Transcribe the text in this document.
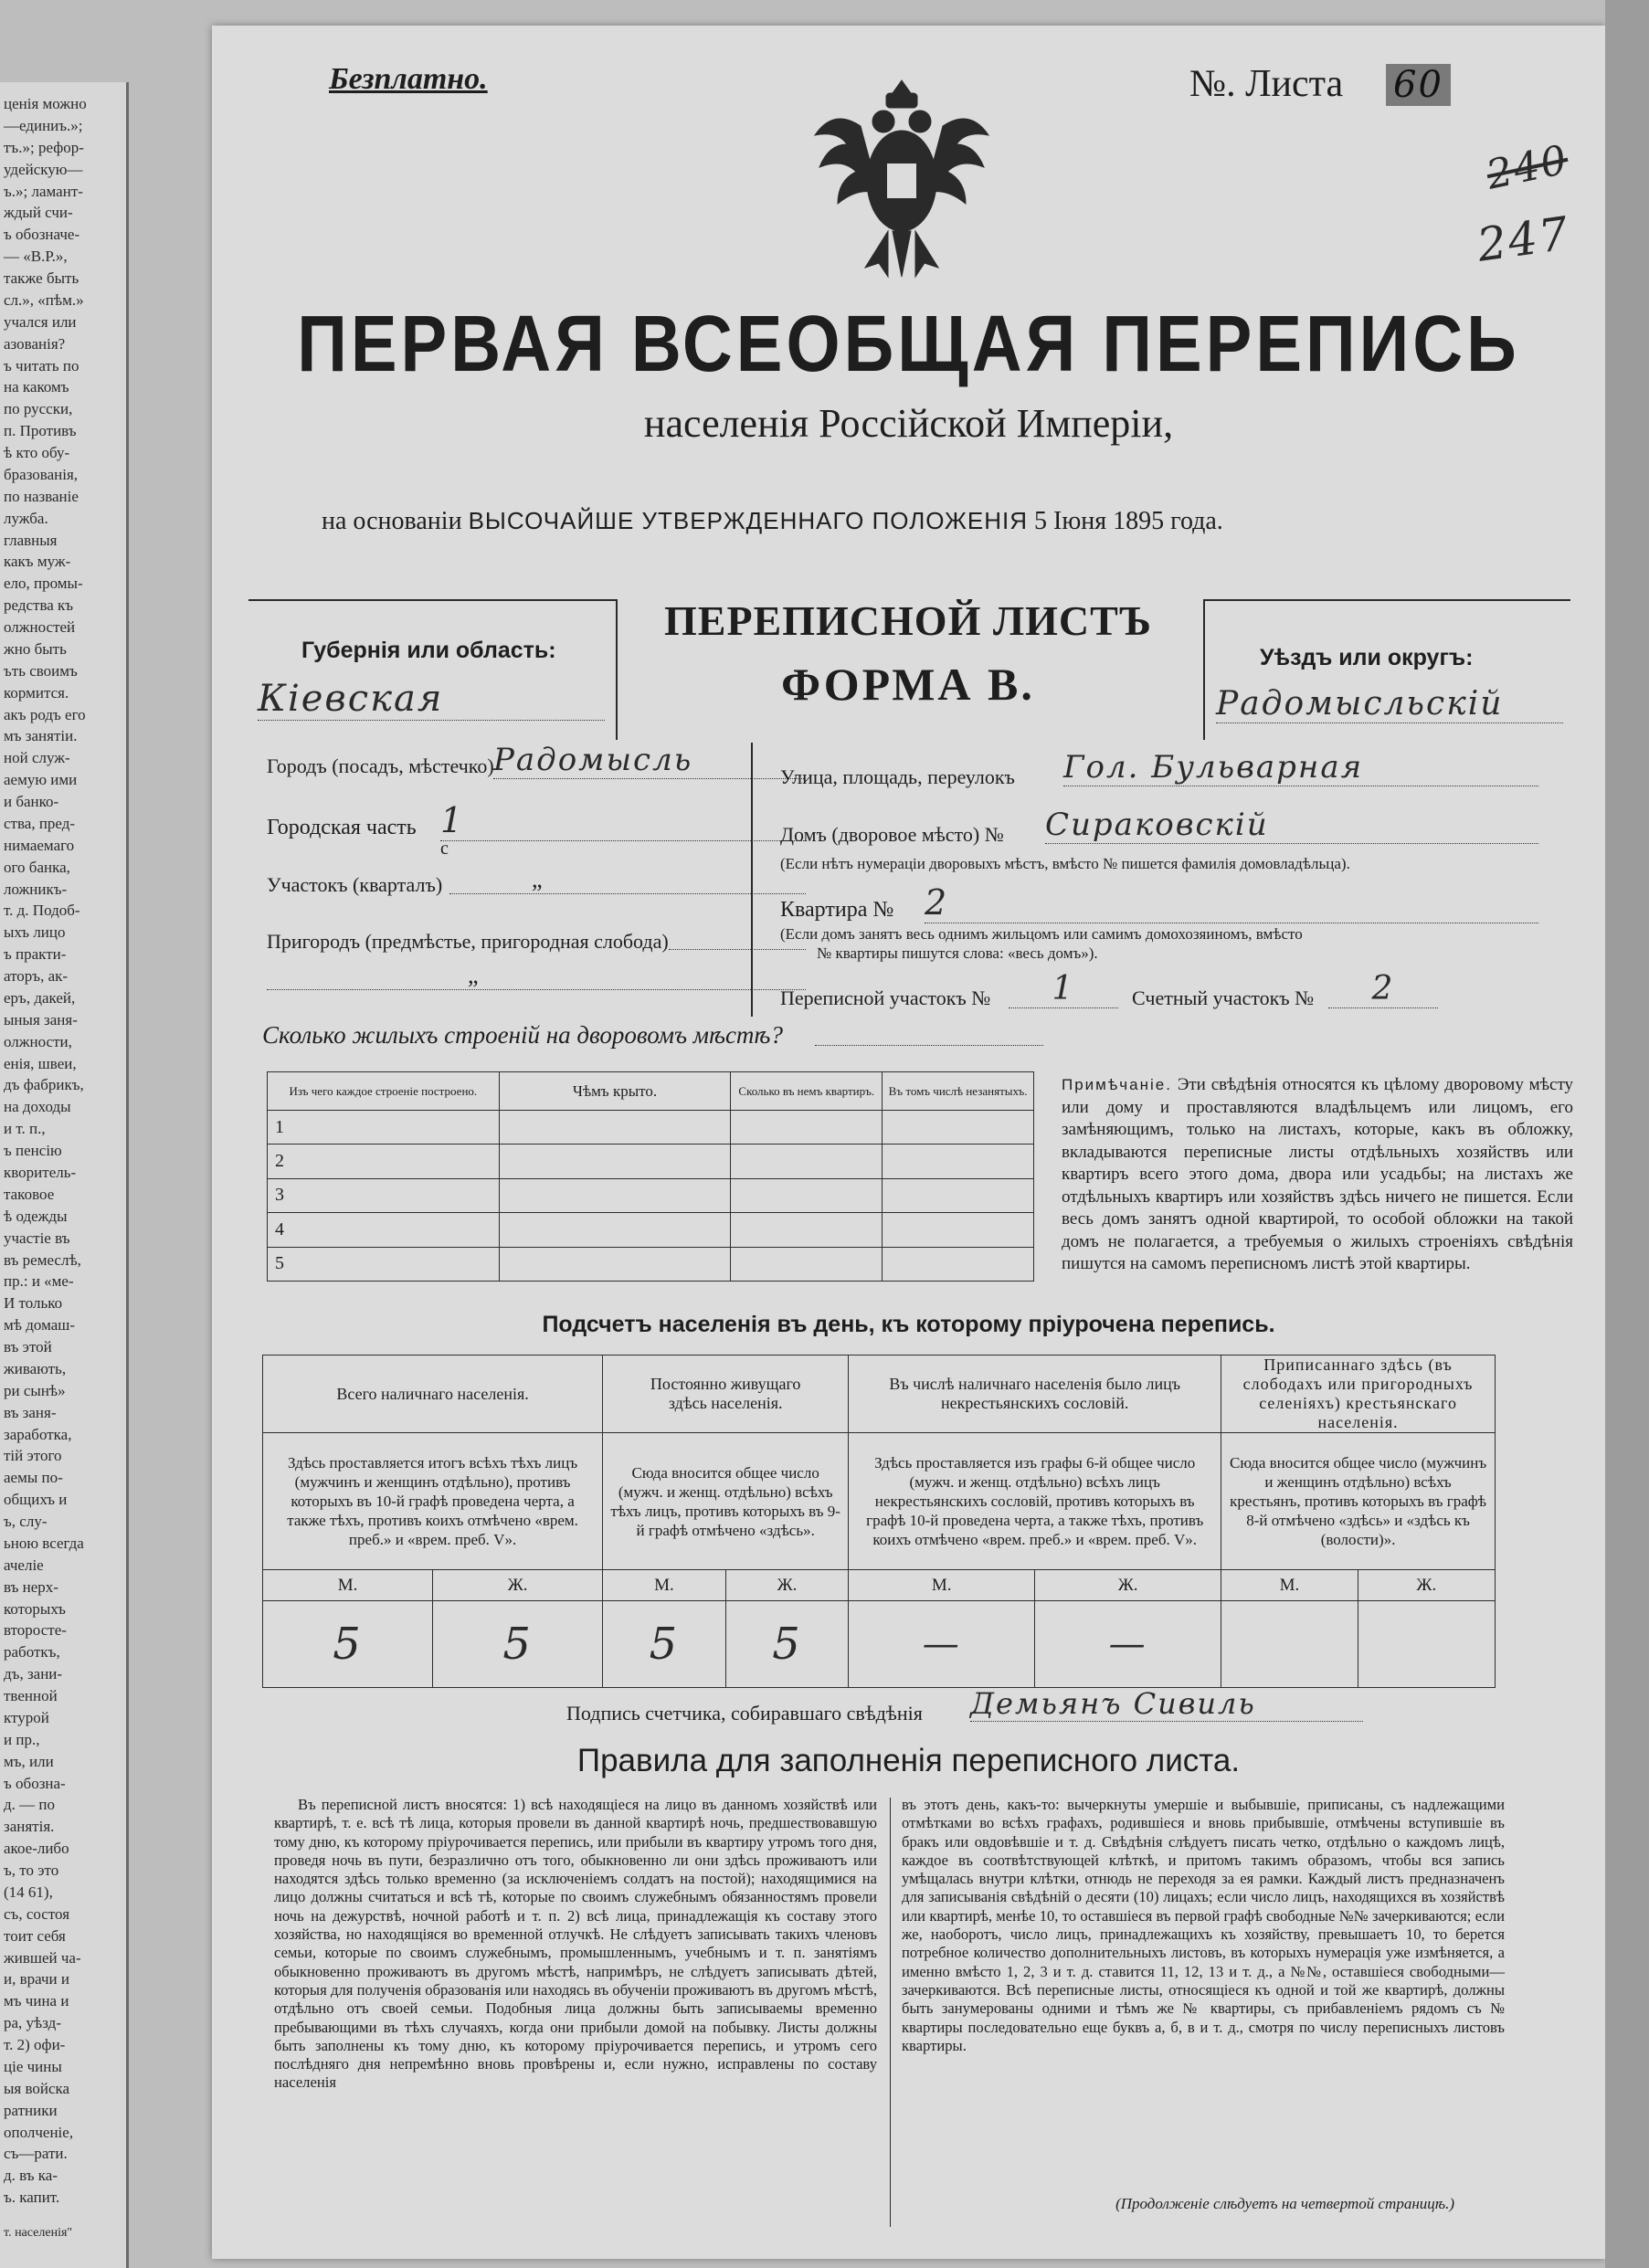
ценія можно
—единиъ.»;
тъ.»; рефор-
удейскую—
ъ.»; ламант-
ждый счи-
ъ обозначе-
— «В.Р.»,
такжe быть
сл.», «пѣм.»
учался или
азованія?
ъ читать по
на какомъ
по русски,
п. Противъ
ѣ кто обу-
бразованія,
по названіе
лужба.
главныя
какъ муж-
ело, промы-
редства къ
олжностей
жно быть
ъть своимъ
кормится.
акъ родъ его
мъ занятіи.
ной служ-
аемую ими
и банко-
ства, пред-
нимаемаго
ого банка,
ложникъ-
т. д. Подоб-
ыхъ лицо
ъ практи-
аторъ, ак-
еръ, дакей,
ыныя заня-
олжности,
енія, швеи,
дъ фабрикъ,
на доходы
и т. п.,
ъ пенсію
кворитель-
таковое
ѣ одежды
участіе въ
въ ремеслѣ,
пр.: и «ме-
И только
мѣ домаш-
въ этой
живають,
ри сынѣ»
въ заня-
заработка,
тій этого
аемы по-
общихъ и
ъ, слу-
ьною всегда
ачеліе
въ нерх-
которыхъ
второсте-
работкъ,
дъ, зани-
твенной
ктурой
и пр.,
мъ, или
ъ обозна-
д. — по
занятія.
акое-либо
ъ, то это
(14 61),
съ, состоя
тоит себя
жившей ча-
и, врачи и
мъ чина и
ра, уѣзд-
т. 2) офи-
ціе чины
ыя войска
ратники
ополченіе,
съ—рати.
д. въ ка-
ъ. капит.
т. населенія"
Безплатно.	№. Листа 60
240
247
ПЕРВАЯ ВСЕОБЩАЯ ПЕРЕПИСЬ
населенія Россійской Имперіи,
на основаніи ВЫСОЧАЙШЕ УТВЕРЖДЕННАГО ПОЛОЖЕНІЯ 5 Іюня 1895 года.
Губернія или область:
Кіевская
ПЕРЕПИСНОЙ ЛИСТЪ
ФОРМА В.
Уѣздъ или округъ:
Радомысльскій
Городъ (посадъ, мѣстечко) Радомысль
Городская часть 1
с
Участокъ (кварталъ)	„
Пригородъ (предмѣстье, пригородная слобода)
„
Улица, площадь, переулокъ Гол. Бульварная
Домъ (дворовое мѣсто) № Сираковскій
(Если нѣтъ нумераціи дворовыхъ мѣстъ, вмѣсто № пишется фамилія домовладѣльца).
Квартира № 2
(Если домъ занятъ весь однимъ жильцомъ или самимъ домохозяиномъ, вмѣсто
№ квартиры пишутся слова: «весь домъ»).
Переписной участокъ №	1	Счетный участокъ №	2
Сколько жилыхъ строеній на дворовомъ мѣстѣ?
Изъ чего каждое строеніе построено.	Чѣмъ крыто.	Сколько въ немъ квартиръ.	Въ томъ числѣ незанятыхъ.
1			
2			
3			
4			
5			
Примѣчаніе. Эти свѣдѣнія относятся къ цѣлому дворовому мѣсту или дому и проставляются владѣльцемъ или лицомъ, его замѣняющимъ, только на листахъ, которые, какъ въ обложку, вкладываются переписные листы отдѣльныхъ хозяйствъ или квартиръ всего этого дома, двора или усадьбы; на листахъ же отдѣльныхъ квартиръ или хозяйствъ здѣсь ничего не пишется. Если весь домъ занятъ одной квартирой, то особой обложки на такой домъ не полагается, а требуемыя о жилыхъ строеніяхъ свѣдѣнія пишутся на самомъ переписномъ листѣ этой квартиры.
Подсчетъ населенія въ день, къ которому пріурочена перепись.
Всего наличнаго населенія.		Постоянно живущаго здѣсь населенія.		Въ числѣ наличнаго населенія было лицъ некрестьянскихъ сословій.		Приписаннаго здѣсь (въ слободахъ или пригородныхъ селеніяхъ) крестьянскаго населенія.	
Здѣсь проставляется итогъ всѣхъ тѣхъ лицъ (мужчинъ и женщинъ отдѣльно), противъ которыхъ въ 10-й графѣ проведена черта, а также тѣхъ, противъ коихъ отмѣчено «врем. преб.» и «врем. преб. V».		Сюда вносится общее число (мужч. и женщ. отдѣльно) всѣхъ тѣхъ лицъ, противъ которыхъ въ 9-й графѣ отмѣчено «здѣсь».		Здѣсь проставляется изъ графы 6-й общее число (мужч. и женщ. отдѣльно) всѣхъ лицъ некрестьянскихъ сословій, противъ которыхъ въ графѣ 10-й проведена черта, а также тѣхъ, противъ коихъ отмѣчено «врем. преб.» и «врем. преб. V».		Сюда вносится общее число (мужчинъ и женщинъ отдѣльно) всѣхъ крестьянъ, противъ которыхъ въ графѣ 8-й отмѣчено «здѣсь» и «здѣсь къ (волости)».	
М.	Ж.	М.	Ж.	М.	Ж.	М.	Ж.
5	5	5	5	—	—		
Подпись счетчика, собиравшаго свѣдѣнія Демьянъ Сивиль
Правила для заполненія переписного листа.
Въ переписной листъ вносятся: 1) всѣ находящіеся на лицо въ данномъ хозяйствѣ или квартирѣ, т. е. всѣ тѣ лица, которыя провели въ данной квартирѣ ночь, предшествовавшую тому дню, къ которому пріурочивается перепись, или прибыли въ квартиру утромъ того дня, проведя ночь въ пути, безразлично отъ того, обыкновенно ли они здѣсь проживаютъ или находятся здѣсь только временно (за исключеніемъ солдатъ на постой); находящимися на лицо должны считаться и всѣ тѣ, которые по своимъ служебнымъ обязанностямъ провели ночь на дежурствѣ, ночной работѣ и т. п. 2) всѣ лица, принадлежащія къ составу этого хозяйства, но находящіяся во временной отлучкѣ. Не слѣдуетъ записывать такихъ членовъ семьи, которые по своимъ служебнымъ, промышленнымъ, учебнымъ и т. п. занятіямъ обыкновенно проживаютъ въ другомъ мѣстѣ, напримѣръ, не слѣдуетъ записывать дѣтей, которыя для полученія образованія или находясь въ обученіи проживаютъ въ другомъ мѣстѣ, отдѣльно отъ своей семьи. Подобныя лица должны быть записываемы временно пребывающими въ тѣхъ случаяхъ, когда они прибыли домой на побывку. Листы должны быть заполнены къ тому дню, къ которому пріурочивается перепись, и утромъ сего послѣдняго дня непремѣнно вновь провѣрены и, если нужно, исправлены по составу населенія
въ этотъ день, какъ-то: вычеркнуты умершіе и выбывшіе, приписаны, съ надлежащими отмѣтками во всѣхъ графахъ, родившіеся и вновь прибывшіе, отмѣчены вступившіе въ бракъ или овдовѣвшіе и т. д. Свѣдѣнія слѣдуетъ писать четко, отдѣльно о каждомъ лицѣ, каждое въ соотвѣтствующей клѣткѣ, и притомъ такимъ образомъ, чтобы вся запись умѣщалась внутри клѣтки, отнюдь не переходя за ея рамки. Каждый листъ предназначенъ для записыванія свѣдѣній о десяти (10) лицахъ; если число лицъ, находящихся въ хозяйствѣ или квартирѣ, менѣе 10, то оставшіеся въ первой графѣ свободные №№ зачеркиваются; если же, наоборотъ, число лицъ, принадлежащихъ къ хозяйству, превышаетъ 10, то берется потребное количество дополнительныхъ листовъ, въ которыхъ нумерація уже измѣняется, а именно вмѣсто 1, 2, 3 и т. д. ставится 11, 12, 13 и т. д., а №№, оставшіеся свободными—зачеркиваются. Всѣ переписные листы, относящіеся къ одной и той же квартирѣ, должны быть занумерованы одними и тѣмъ же № квартиры, съ прибавленіемъ рядомъ съ № квартиры последовательно еще буквъ а, б, в и т. д., смотря по числу переписныхъ листовъ квартиры.
(Продолженіе слѣдуетъ на четвертой страницѣ.)
